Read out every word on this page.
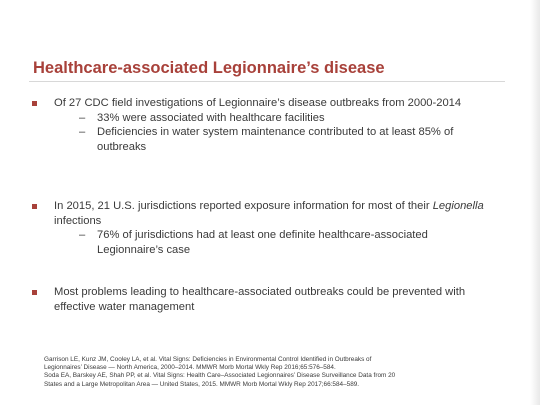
Healthcare-associated Legionnaire’s disease
Of 27 CDC field investigations of Legionnaire’s disease outbreaks from 2000-2014
– 33% were associated with healthcare facilities
– Deficiencies in water system maintenance contributed to at least 85% of outbreaks
In 2015, 21 U.S. jurisdictions reported exposure information for most of their Legionella infections
– 76% of jurisdictions had at least one definite healthcare-associated Legionnaire’s case
Most problems leading to healthcare-associated outbreaks could be prevented with effective water management
Garrison LE, Kunz JM, Cooley LA, et al. Vital Signs: Deficiencies in Environmental Control Identified in Outbreaks of
Legionnaires’ Disease — North America, 2000–2014. MMWR Morb Mortal Wkly Rep 2016;65:576–584.
Soda EA, Barskey AE, Shah PP, et al. Vital Signs: Health Care–Associated Legionnaires’ Disease Surveillance Data from 20
States and a Large Metropolitan Area — United States, 2015. MMWR Morb Mortal Wkly Rep 2017;66:584–589.
